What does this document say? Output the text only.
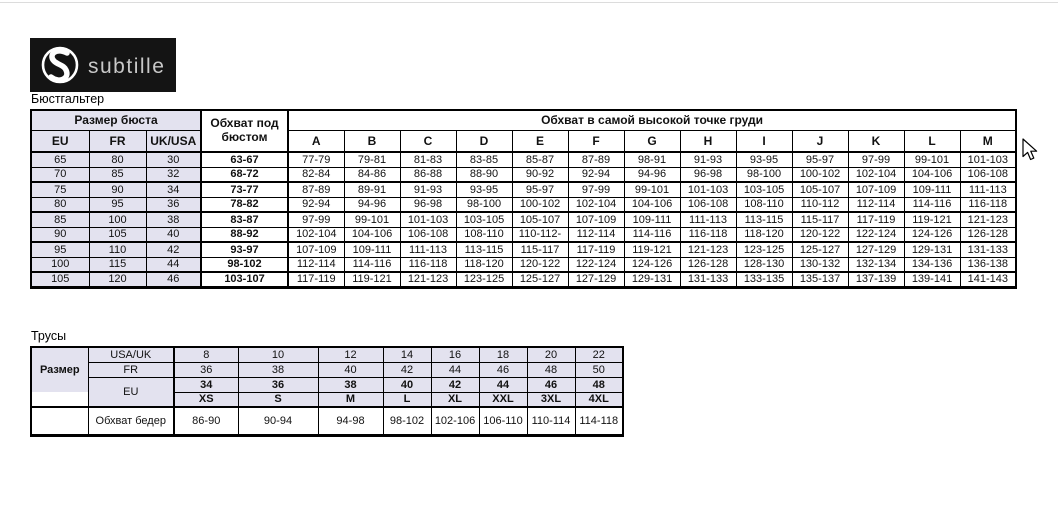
subtille
Бюстгальтер
Размер бюста			Обхват под бюстом	Обхват в самой высокой точке груди												
EU	FR	UK/USA		A	B	C	D	E	F	G	H	I	J	K	L	M
65	80	30	63-67	77-79	79-81	81-83	83-85	85-87	87-89	98-91	91-93	93-95	95-97	97-99	99-101	101-103
70	85	32	68-72	82-84	84-86	86-88	88-90	90-92	92-94	94-96	96-98	98-100	100-102	102-104	104-106	106-108
75	90	34	73-77	87-89	89-91	91-93	93-95	95-97	97-99	99-101	101-103	103-105	105-107	107-109	109-111	111-113
80	95	36	78-82	92-94	94-96	96-98	98-100	100-102	102-104	104-106	106-108	108-110	110-112	112-114	114-116	116-118
85	100	38	83-87	97-99	99-101	101-103	103-105	105-107	107-109	109-111	111-113	113-115	115-117	117-119	119-121	121-123
90	105	40	88-92	102-104	104-106	106-108	108-110	110-112-	112-114	114-116	116-118	118-120	120-122	122-124	124-126	126-128
95	110	42	93-97	107-109	109-111	111-113	113-115	115-117	117-119	119-121	121-123	123-125	125-127	127-129	129-131	131-133
100	115	44	98-102	112-114	114-116	116-118	118-120	120-122	122-124	124-126	126-128	128-130	130-132	132-134	134-136	136-138
105	120	46	103-107	117-119	119-121	121-123	123-125	125-127	127-129	129-131	131-133	133-135	135-137	137-139	139-141	141-143
Трусы
Размер	USA/UK	8	10	12	14	16	18	20	22
	FR	36	38	40	42	44	46	48	50
	EU	34	36	38	40	42	44	46	48
		XS	S	M	L	XL	XXL	3XL	4XL
	Обхват бедер	86-90	90-94	94-98	98-102	102-106	106-110	110-114	114-118
